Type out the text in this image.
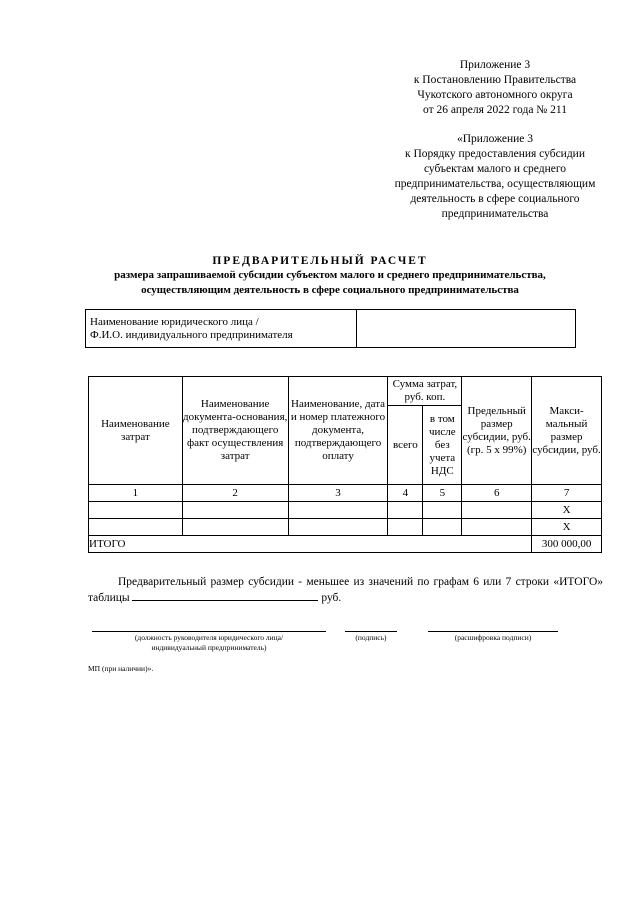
Приложение 3

к Постановлению Правительства

Чукотского автономного округа

от 26 апреля 2022 года № 211

«Приложение 3

к Порядку предоставления субсидии

субъектам малого и среднего

предпринимательства, осуществляющим

деятельность в сфере социального

предпринимательства

ПРЕДВАРИТЕЛЬНЫЙ РАСЧЕТ
размера запрашиваемой субсидии субъектом малого и среднего предпринимательства,
осуществляющим деятельность в сфере социального предпринимательства
Наименование юридического лица /
Ф.И.О. индивидуального предпринимателя

Наименование затрат	Наименование документа-основания, подтверждающего факт осуществления затрат	Наименование, дата и номер платежного документа, подтверждающего оплату	Сумма затрат, руб. коп.		Предельный размер субсидии, руб. (гр. 5 х 99%)	Макси-мальный размер субсидии, руб.
			всего	в том числе без учета НДС		
1	2	3	4	5	6	7
						Х
						Х
ИТОГО						300 000,00
Предварительный размер субсидии - меньшее из значений по графам 6 или 7 строки «ИТОГО» таблицы	руб.
(должность руководителя юридического лица/
индивидуальный предприниматель)
(подпись)	(расшифровка подписи)
МП (при наличии)».
